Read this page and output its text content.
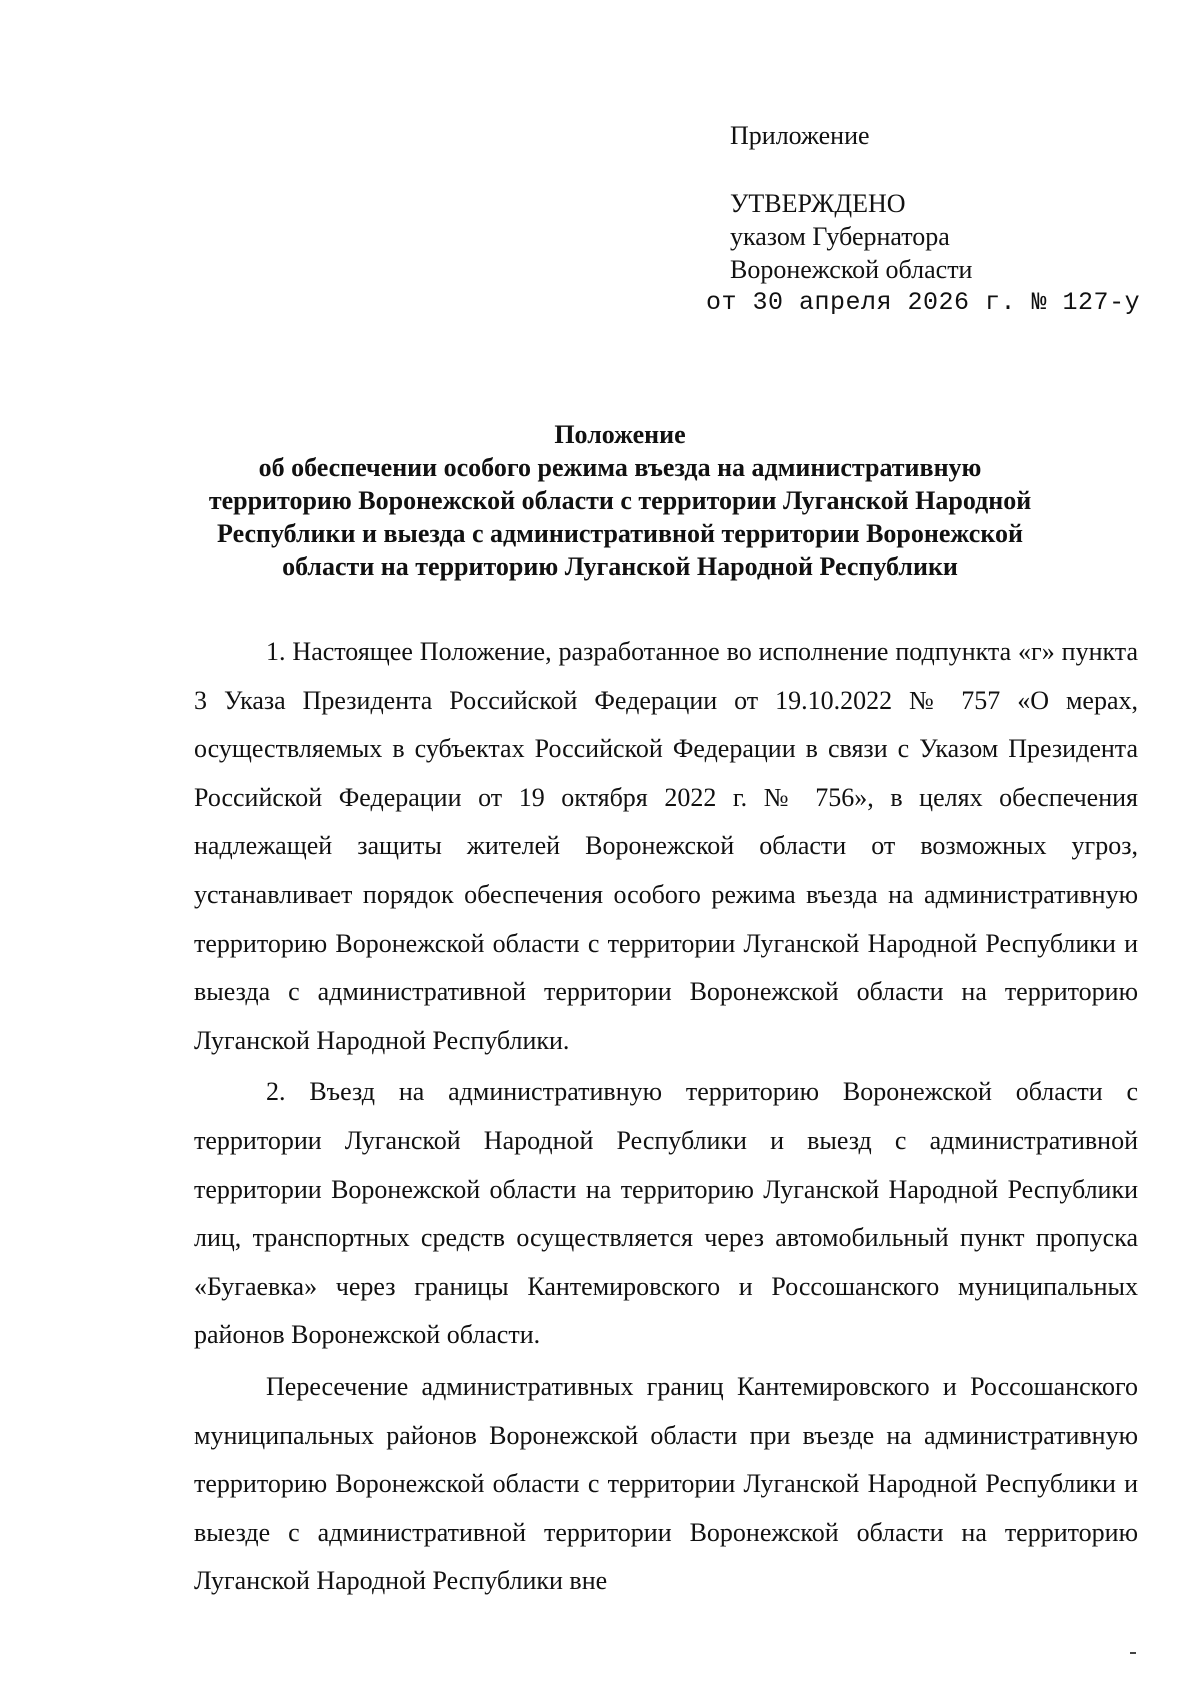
Приложение
УТВЕРЖДЕНО
указом Губернатора
Воронежской области
от 30 апреля 2026 г. № 127-у
Положение
об обеспечении особого режима въезда на административную
территорию Воронежской области с территории Луганской Народной
Республики и выезда с административной территории Воронежской
области на территорию Луганской Народной Республики

1. Настоящее Положение, разработанное во исполнение подпункта «г» пункта 3 Указа Президента Российской Федерации от 19.10.2022 № 757 «О мерах, осуществляемых в субъектах Российской Федерации в связи с Указом Президента Российской Федерации от 19 октября 2022 г. № 756», в целях обеспечения надлежащей защиты жителей Воронежской области от возможных угроз, устанавливает порядок обеспечения особого режима въезда на административную территорию Воронежской области с территории Луганской Народной Республики и выезда с административной территории Воронежской области на территорию Луганской Народной Республики.

2. Въезд на административную территорию Воронежской области с территории Луганской Народной Республики и выезд с административной территории Воронежской области на территорию Луганской Народной Республики лиц, транспортных средств осуществляется через автомобильный пункт пропуска «Бугаевка» через границы Кантемировского и Россошанского муниципальных районов Воронежской области.

Пересечение административных границ Кантемировского и Россошанского муниципальных районов Воронежской области при въезде на административную территорию Воронежской области с территории Луганской Народной Республики и выезде с административной территории Воронежской области на территорию Луганской Народной Республики вне
